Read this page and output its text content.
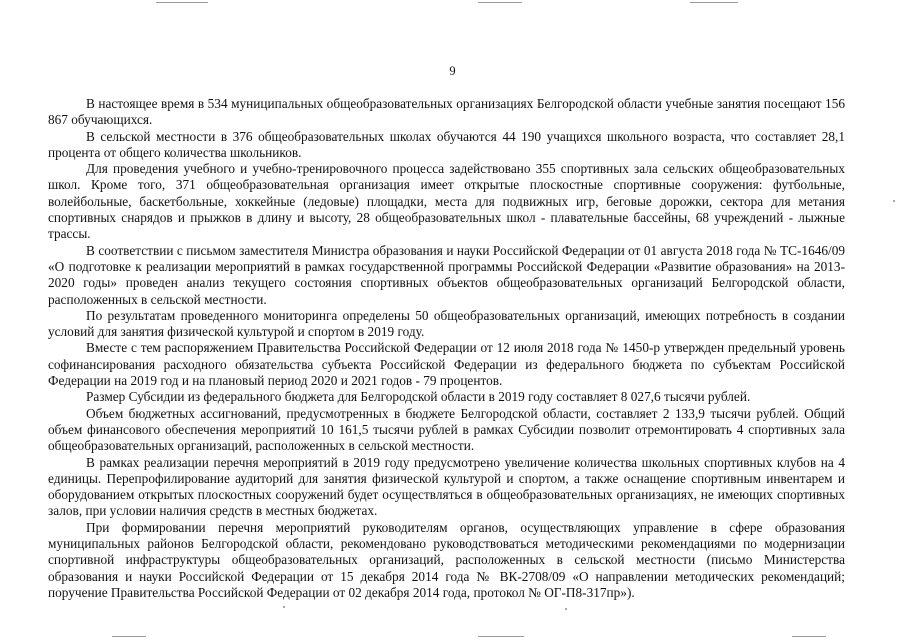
9

В настоящее время в 534 муниципальных общеобразовательных организациях Белгородской области учебные занятия посещают 156 867 обучающихся.

В сельской местности в 376 общеобразовательных школах обучаются 44 190 учащихся школьного возраста, что составляет 28,1 процента от общего количества школьников.

Для проведения учебного и учебно-тренировочного процесса задействовано 355 спортивных зала сельских общеобразовательных школ. Кроме того, 371 общеобразовательная организация имеет открытые плоскостные спортивные сооружения: футбольные, волейбольные, баскетбольные, хоккейные (ледовые) площадки, места для подвижных игр, беговые дорожки, сектора для метания спортивных снарядов и прыжков в длину и высоту, 28 общеобразовательных школ - плавательные бассейны, 68 учреждений - лыжные трассы.

В соответствии с письмом заместителя Министра образования и науки Российской Федерации от 01 августа 2018 года № ТС-1646/09 «О подготовке к реализации мероприятий в рамках государственной программы Российской Федерации «Развитие образования» на 2013-2020 годы» проведен анализ текущего состояния спортивных объектов общеобразовательных организаций Белгородской области, расположенных в сельской местности.

По результатам проведенного мониторинга определены 50 общеобразовательных организаций, имеющих потребность в создании условий для занятия физической культурой и спортом в 2019 году.

Вместе с тем распоряжением Правительства Российской Федерации от 12 июля 2018 года № 1450-р утвержден предельный уровень софинансирования расходного обязательства субъекта Российской Федерации из федерального бюджета по субъектам Российской Федерации на 2019 год и на плановый период 2020 и 2021 годов - 79 процентов.

Размер Субсидии из федерального бюджета для Белгородской области в 2019 году составляет 8 027,6 тысячи рублей.

Объем бюджетных ассигнований, предусмотренных в бюджете Белгородской области, составляет 2 133,9 тысячи рублей. Общий объем финансового обеспечения мероприятий 10 161,5 тысячи рублей в рамках Субсидии позволит отремонтировать 4 спортивных зала общеобразовательных организаций, расположенных в сельской местности.

В рамках реализации перечня мероприятий в 2019 году предусмотрено увеличение количества школьных спортивных клубов на 4 единицы. Перепрофилирование аудиторий для занятия физической культурой и спортом, а также оснащение спортивным инвентарем и оборудованием открытых плоскостных сооружений будет осуществляться в общеобразовательных организациях, не имеющих спортивных залов, при условии наличия средств в местных бюджетах.

При формировании перечня мероприятий руководителям органов, осуществляющих управление в сфере образования муниципальных районов Белгородской области, рекомендовано руководствоваться методическими рекомендациями по модернизации спортивной инфраструктуры общеобразовательных организаций, расположенных в сельской местности (письмо Министерства образования и науки Российской Федерации от 15 декабря 2014 года № ВК-2708/09 «О направлении методических рекомендаций; поручение Правительства Российской Федерации от 02 декабря 2014 года, протокол № ОГ-П8-317пр»).
